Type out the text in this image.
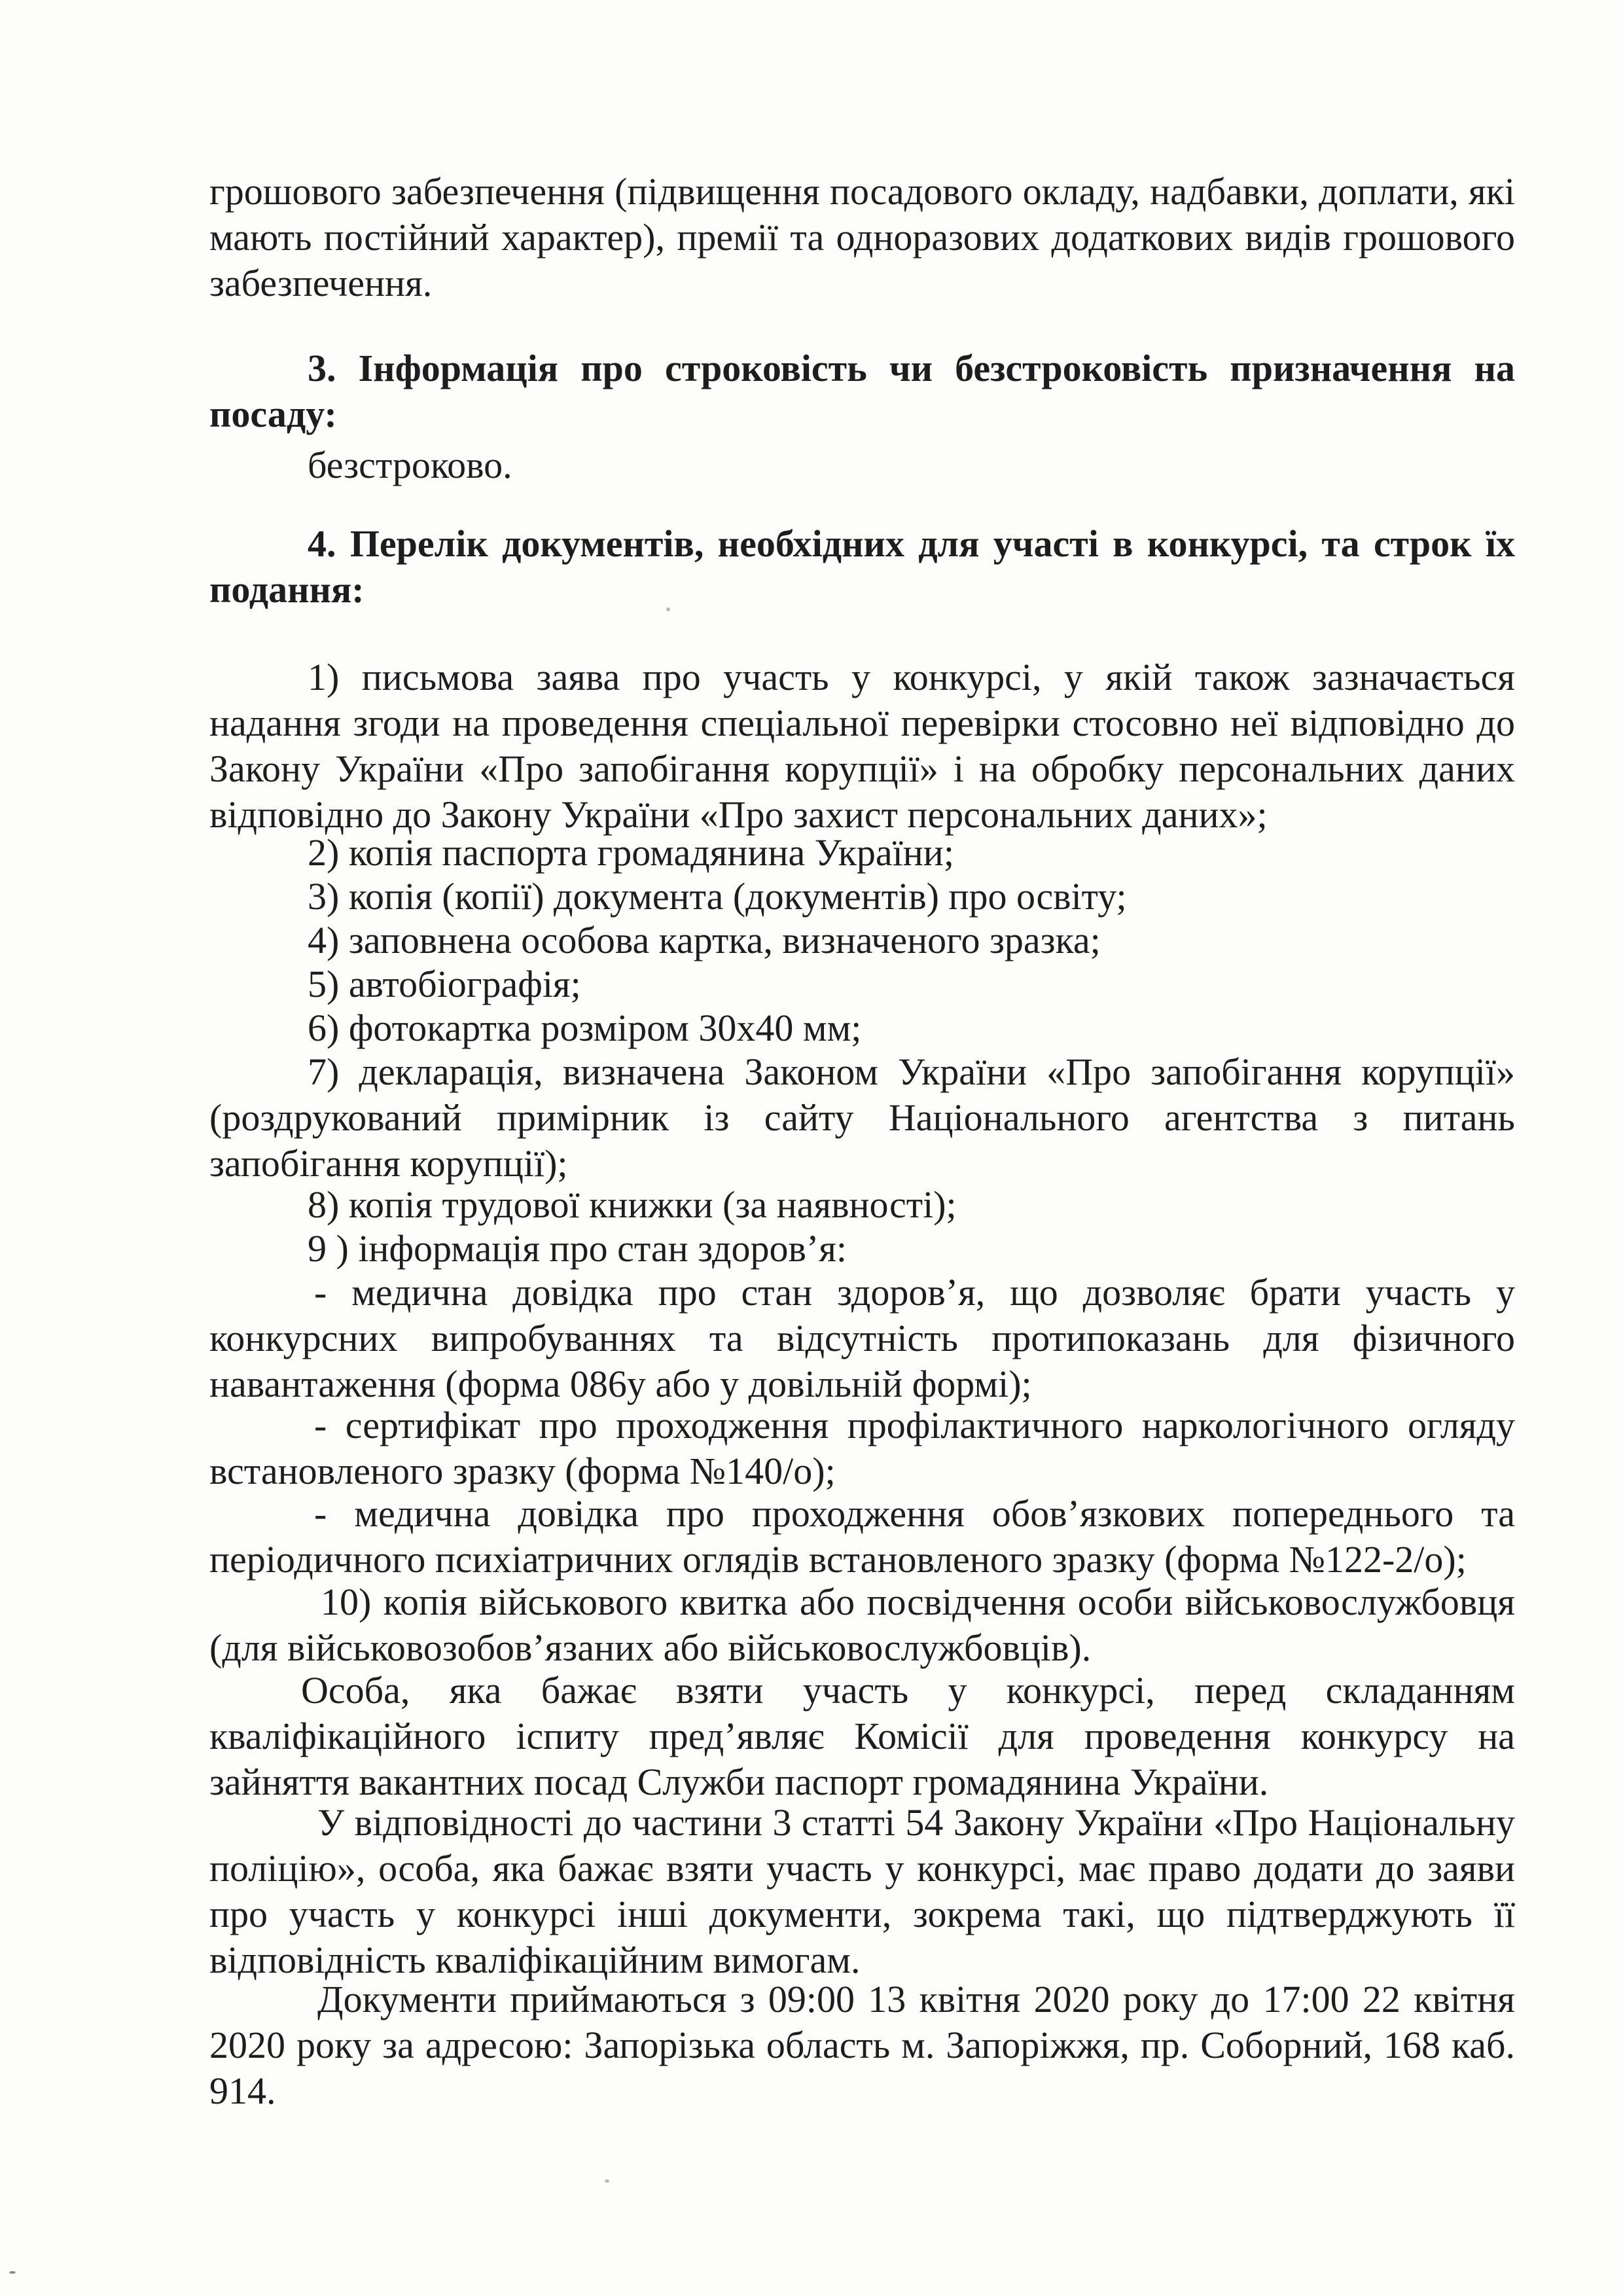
грошового забезпечення (підвищення посадового окладу, надбавки, доплати, які мають постійний характер), премії та одноразових додаткових видів грошового забезпечення.

3. Інформація про строковість чи безстроковість призначення на посаду:

безстроково.

4. Перелік документів, необхідних для участі в конкурсі, та строк їх подання:

1) письмова заява про участь у конкурсі, у якій також зазначається надання згоди на проведення спеціальної перевірки стосовно неї відповідно до Закону України «Про запобігання корупції» і на обробку персональних даних відповідно до Закону України «Про захист персональних даних»;

2) копія паспорта громадянина України;

3) копія (копії) документа (документів) про освіту;

4) заповнена особова картка, визначеного зразка;

5) автобіографія;

6) фотокартка розміром 30х40 мм;

7) декларація, визначена Законом України «Про запобігання корупції» (роздрукований примірник із сайту Національного агентства з питань запобігання корупції);

8) копія трудової книжки (за наявності);

9 ) інформація про стан здоров’я:

- медична довідка про стан здоров’я, що дозволяє брати участь у конкурсних випробуваннях та відсутність протипоказань для фізичного навантаження (форма 086у або у довільній формі);

- сертифікат про проходження профілактичного наркологічного огляду встановленого зразку (форма №140/о);

- медична довідка про проходження обов’язкових попереднього та періодичного психіатричних оглядів встановленого зразку (форма №122-2/о);

10) копія військового квитка або посвідчення особи військовослужбовця (для військовозобов’язаних або військовослужбовців).

Особа, яка бажає взяти участь у конкурсі, перед складанням кваліфікаційного іспиту пред’являє Комісії для проведення конкурсу на зайняття вакантних посад Служби паспорт громадянина України.

У відповідності до частини 3 статті 54 Закону України «Про Національну поліцію», особа, яка бажає взяти участь у конкурсі, має право додати до заяви про участь у конкурсі інші документи, зокрема такі, що підтверджують її відповідність кваліфікаційним вимогам.

Документи приймаються з 09:00 13 квітня 2020 року до 17:00 22 квітня 2020 року за адресою: Запорізька область м. Запоріжжя, пр. Соборний, 168 каб. 914.
